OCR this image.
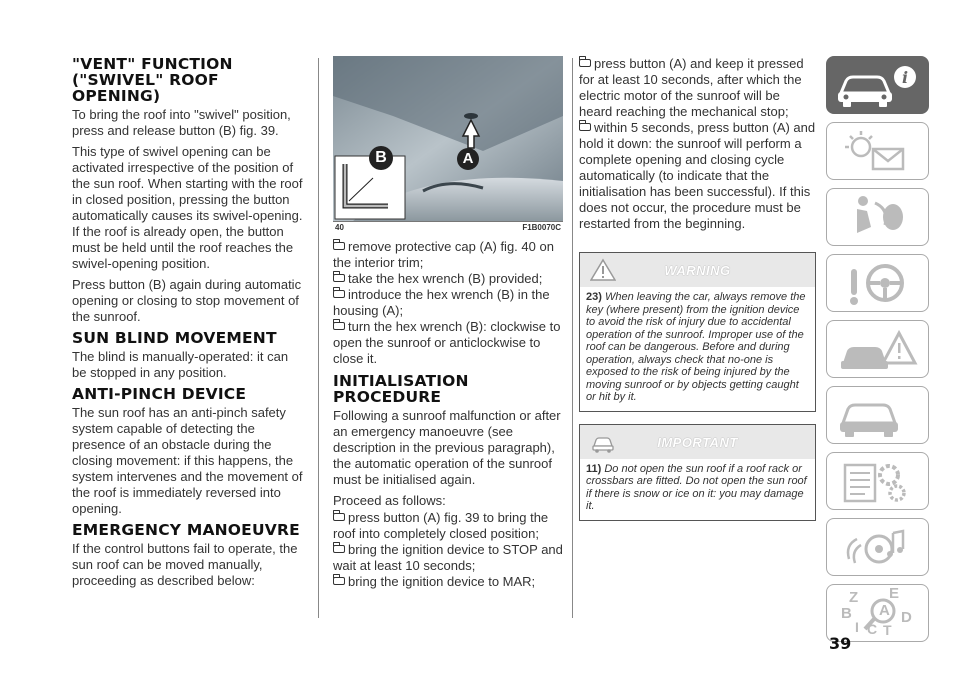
"VENT" FUNCTION ("SWIVEL" ROOF OPENING)

To bring the roof into "swivel" position, press and release button (B) fig. 39.

This type of swivel opening can be activated irrespective of the position of the sun roof. When starting with the roof in closed position, pressing the button automatically causes its swivel-opening. If the roof is already open, the button must be held until the roof reaches the swivel-opening position.

Press button (B) again during automatic opening or closing to stop movement of the sunroof.

SUN BLIND MOVEMENT

The blind is manually-operated: it can be stopped in any position.

ANTI-PINCH DEVICE

The sun roof has an anti-pinch safety system capable of detecting the presence of an obstacle during the closing movement: if this happens, the system intervenes and the movement of the roof is immediately reversed into opening.

EMERGENCY MANOEUVRE

If the control buttons fail to operate, the sun roof can be moved manually, proceeding as described below:

B	A
40	F1B0070C

remove protective cap (A) fig. 40 on the interior trim;

take the hex wrench (B) provided;

introduce the hex wrench (B) in the housing (A);

turn the hex wrench (B): clockwise to open the sunroof or anticlockwise to close it.

INITIALISATION PROCEDURE

Following a sunroof malfunction or after an emergency manoeuvre (see description in the previous paragraph), the automatic operation of the sunroof must be initialised again.

Proceed as follows:

press button (A) fig. 39 to bring the roof into completely closed position;

bring the ignition device to STOP and wait at least 10 seconds;

bring the ignition device to MAR;

press button (A) and keep it pressed for at least 10 seconds, after which the electric motor of the sunroof will be heard reaching the mechanical stop;

within 5 seconds, press button (A) and hold it down: the sunroof will perform a complete opening and closing cycle automatically (to indicate that the initialisation has been successful). If this does not occur, the procedure must be restarted from the beginning.

WARNING
23) When leaving the car, always remove the key (where present) from the ignition device to avoid the risk of injury due to accidental operation of the sunroof. Improper use of the roof can be dangerous. Before and during operation, always check that no-one is exposed to the risk of being injured by the moving sunroof or by objects getting caught or hit by it.
IMPORTANT
11) Do not open the sun roof if a roof rack or crossbars are fitted. Do not open the sun roof if there is snow or ice on it: you may damage it.
i
Z E
B A
I C T
D
39
